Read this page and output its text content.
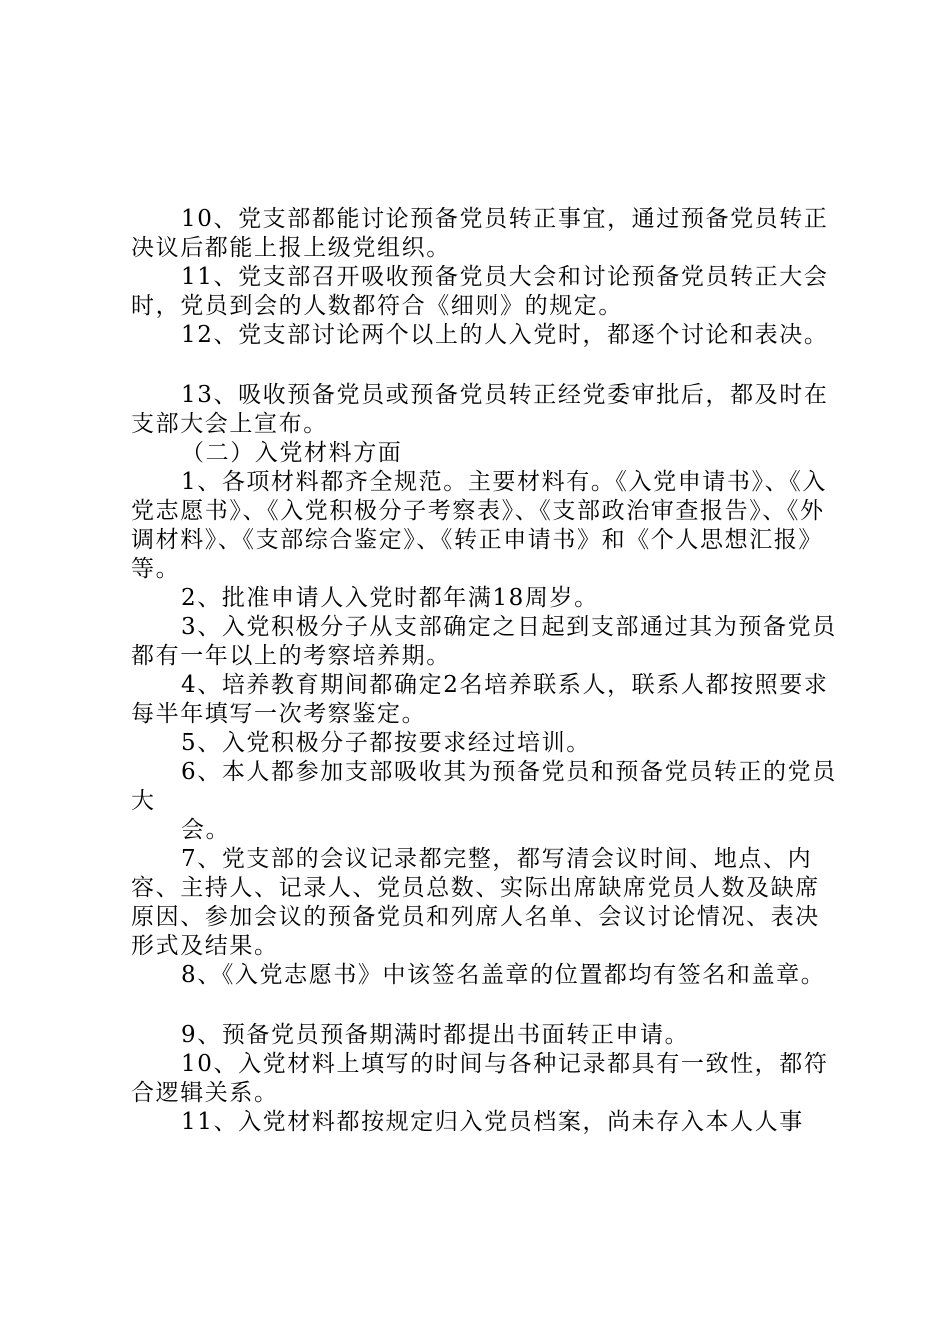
10、党支部都能讨论预备党员转正事宜，通过预备党员转正决议后都能上报上级党组织。

11、党支部召开吸收预备党员大会和讨论预备党员转正大会时，党员到会的人数都符合《细则》的规定。

12、党支部讨论两个以上的人入党时，都逐个讨论和表决。

13、吸收预备党员或预备党员转正经党委审批后，都及时在支部大会上宣布。

（二）入党材料方面

1、各项材料都齐全规范。主要材料有。《入党申请书》、《入党志愿书》、《入党积极分子考察表》、《支部政治审查报告》、《外调材料》、《支部综合鉴定》、《转正申请书》和《个人思想汇报》等。

2、批准申请人入党时都年满18周岁。

3、入党积极分子从支部确定之日起到支部通过其为预备党员都有一年以上的考察培养期。

4、培养教育期间都确定2名培养联系人，联系人都按照要求每半年填写一次考察鉴定。

5、入党积极分子都按要求经过培训。

6、本人都参加支部吸收其为预备党员和预备党员转正的党员大

会。

7、党支部的会议记录都完整，都写清会议时间、地点、内容、主持人、记录人、党员总数、实际出席缺席党员人数及缺席原因、参加会议的预备党员和列席人名单、会议讨论情况、表决形式及结果。

8、《入党志愿书》中该签名盖章的位置都均有签名和盖章。

9、预备党员预备期满时都提出书面转正申请。

10、入党材料上填写的时间与各种记录都具有一致性，都符合逻辑关系。

11、入党材料都按规定归入党员档案，尚未存入本人人事
